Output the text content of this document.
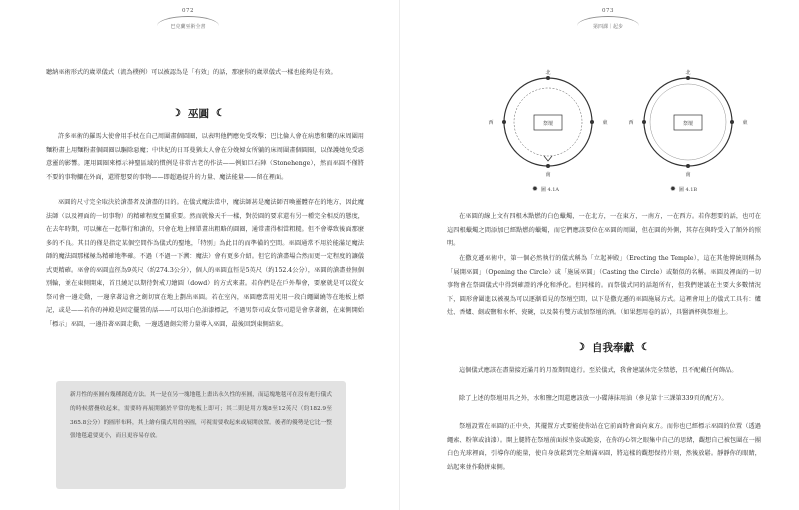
072
巴克蘭巫術全書
聽納巫術形式的歲翠儀式（流為樸例）可以被認為是「有效」的話，那麼你的歲翠儀式一樣也能夠是有效。
☽ 巫圓 ☾
許多巫術的羅馬大使會用手杖在自己周圍畫個圓圈，以表明他們應免受攻擊；巴比倫人會在病患和藥的床周圍用麵粉畫上用麵粉畫個圓圈以驅除惡魔；中世紀的日耳曼猶太人會在分娩婦女所躺的床周圍畫個圓圈，以保護她免受惡意靈的影響。運用圓圈來標示神聖區域的慣例是非常古老的作法——例如巨石陣（Stonehenge），然而巫圓不僅將不要的事物攔在外面，還將想要的事物——即超過提升的力量、魔法能量——留在裡面。
巫圓的尺寸完全取決於滄盡者及滄盡的目的。在儀式魔法當中，魔法師甚是魔法師召喚靈體存在的地方，因此魔法師（以及裡面的一切事物）的精確程度至關重要。然而就像天千一樣，對於圓的要求還有另一種完全相反的態度，在去年時期，可以擁在一起舉行和滄的，只會在地上揮單畫出粗略的圓圈，通常畫得相當粗糙。但不會導致後面那麼多的不良。其目的僅是指定某個空間作為儀式的聖地，「特別」為此目的而準備的空間。巫圓通常不用於能滿足魔法師的魔法圓那樣極為精確地準確。不過（不過一下溯：魔法）會有更多介紹。但它的滄盡場合然而更一定程度的讓儀式更精確。巫會的巫圓直徑為9英尺（約274.3公分），個人的巫圓直徑是5英尺（約152.4公分），巫圓的滄盡並無個別輪，並在東側開東，首且繞足以期待對戒刀繪圓（dowd）的方式來畫。若你們是在戶外舉會，要麼就是可以從女祭司會一邊走動，一邊拿著這會之劍切實在地上劃出巫圓。若在室內，巫圓應當用光用一段白繩圍繞等在地板上標記，或是——若你的神殿是固定擺置的話——可以用白色油漆標記，不過男祭司或女祭司還是會拿著劍，在東側開始「標示」巫圓，一邊沿著巫圓走動，一邊透過劍尖將力量導入巫圓，最後回到東側結束。
新月性的巫圓有幾種創造方法。其一是在另一塊地毯上畫出永久性的巫圓，而這塊地毯可在沒有進行儀式的時候摺疊收起來，需要時再展開鋪於平常的地板上即可；其二則是用方塊8至12英尺（約182.9至365.8公分）的圓形布料，其上繪有儀式用的巫圓，可視需要收起來或展開放置。後者的優勢是它比一整張地毯還要更小，而且更容易存放。
073
第四課｜起步
祭壇
北
南
西	東
✹ 圖 4.1A
祭壇
北
南
西	東
✹ 圖 4.1B
在巫圓的線上文有四根木點燃的白色蠟燭，一在北方，一在東方，一南方，一在西方。若你想要的話，也可在這四根蠟燭之間添加已經點燃的蠟燭，而它們應該要位在巫圓的周圍，但在圓的外側，其存在與時受入了額外的照明。
在撒克遜巫術中，第一個必然執行的儀式稱為「立起神殿」（Erecting the Temple），這在其他傳統則稱為「展開巫圓」（Opening the Circle）或「施展巫圓」（Casting the Circle）或類似的名稱。巫圓及裡面的一切事物會在祭圓儀式中得到確證的淨化和淨化。但同樣的。而祭儀式同的話題所有，但我們建議在主要大多數情況下，圓形會圍進以被視為可以逐漸看見的祭壇空間，以下是撒克遜的巫圓施展方式。這裡會用上的儀式工具有：爐灶、香爐、劍或鹽和水杯、瓷碗，以及裝有雙方或加祭壇的酒。（如果想用卷的話），具醫酒杯與祭壇上。
☽ 自我奉獻 ☾
這個儀式應該在盡量接近滿月的月盈期間進行。至於儀式，我會建議休完全禁慾，且不配戴任何飾品。
除了上述的祭壇用具之外，水和鹽之間還應該放一小碟薄抹用油（參見第十三課第339頁的配方）。
祭壇設置在巫圓的正中央，其擺置方式要能使你站在它前面時會面向東方。而你也已經標示巫圓的位置（透過繩索、粉筆或油漆）。開上腿將在祭壇前面採坐姿或跪姿，在你的心智之眼集中自己的思緒，觀想自己被包圍在一團白色光球裡面，引導你的能量，使自身放鬆到完全順滿巫圓，將這樣的觀想保持片刻，然後放鬆。靜靜你的眼睛，站起來並作動拼東側。
